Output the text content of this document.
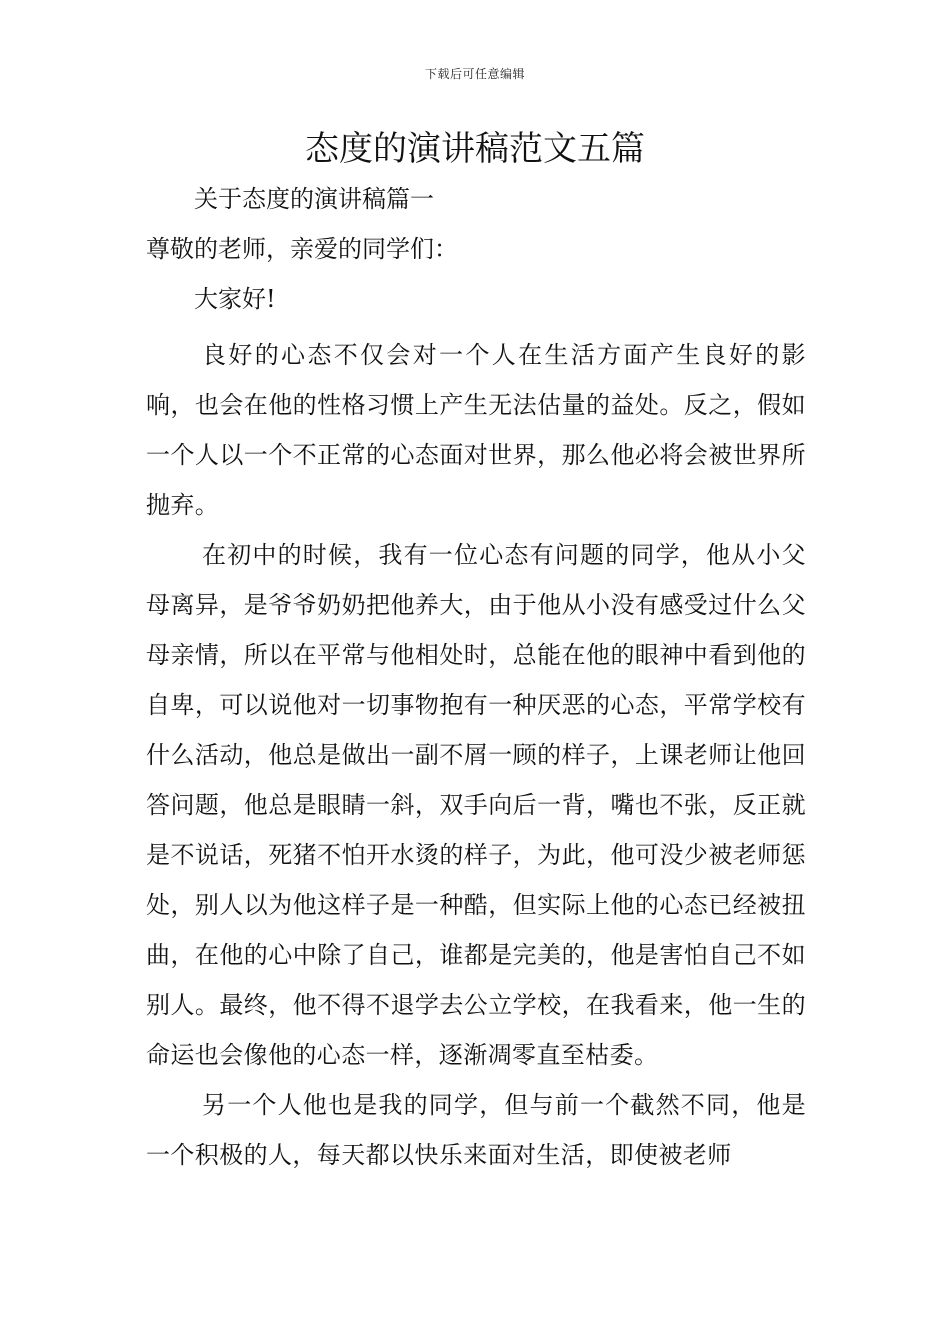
下载后可任意编辑
态度的演讲稿范文五篇

关于态度的演讲稿篇一

尊敬的老师，亲爱的同学们：

大家好!

良好的心态不仅会对一个人在生活方面产生良好的影响，也会在他的性格习惯上产生无法估量的益处。反之，假如一个人以一个不正常的心态面对世界，那么他必将会被世界所抛弃。

在初中的时候，我有一位心态有问题的同学，他从小父母离异，是爷爷奶奶把他养大，由于他从小没有感受过什么父母亲情，所以在平常与他相处时，总能在他的眼神中看到他的自卑，可以说他对一切事物抱有一种厌恶的心态，平常学校有什么活动，他总是做出一副不屑一顾的样子，上课老师让他回答问题，他总是眼睛一斜，双手向后一背，嘴也不张，反正就是不说话，死猪不怕开水烫的样子，为此，他可没少被老师惩处，别人以为他这样子是一种酷，但实际上他的心态已经被扭曲，在他的心中除了自己，谁都是完美的，他是害怕自己不如别人。最终，他不得不退学去公立学校，在我看来，他一生的命运也会像他的心态一样，逐渐凋零直至枯委。

另一个人他也是我的同学，但与前一个截然不同，他是一个积极的人，每天都以快乐来面对生活，即使被老师
